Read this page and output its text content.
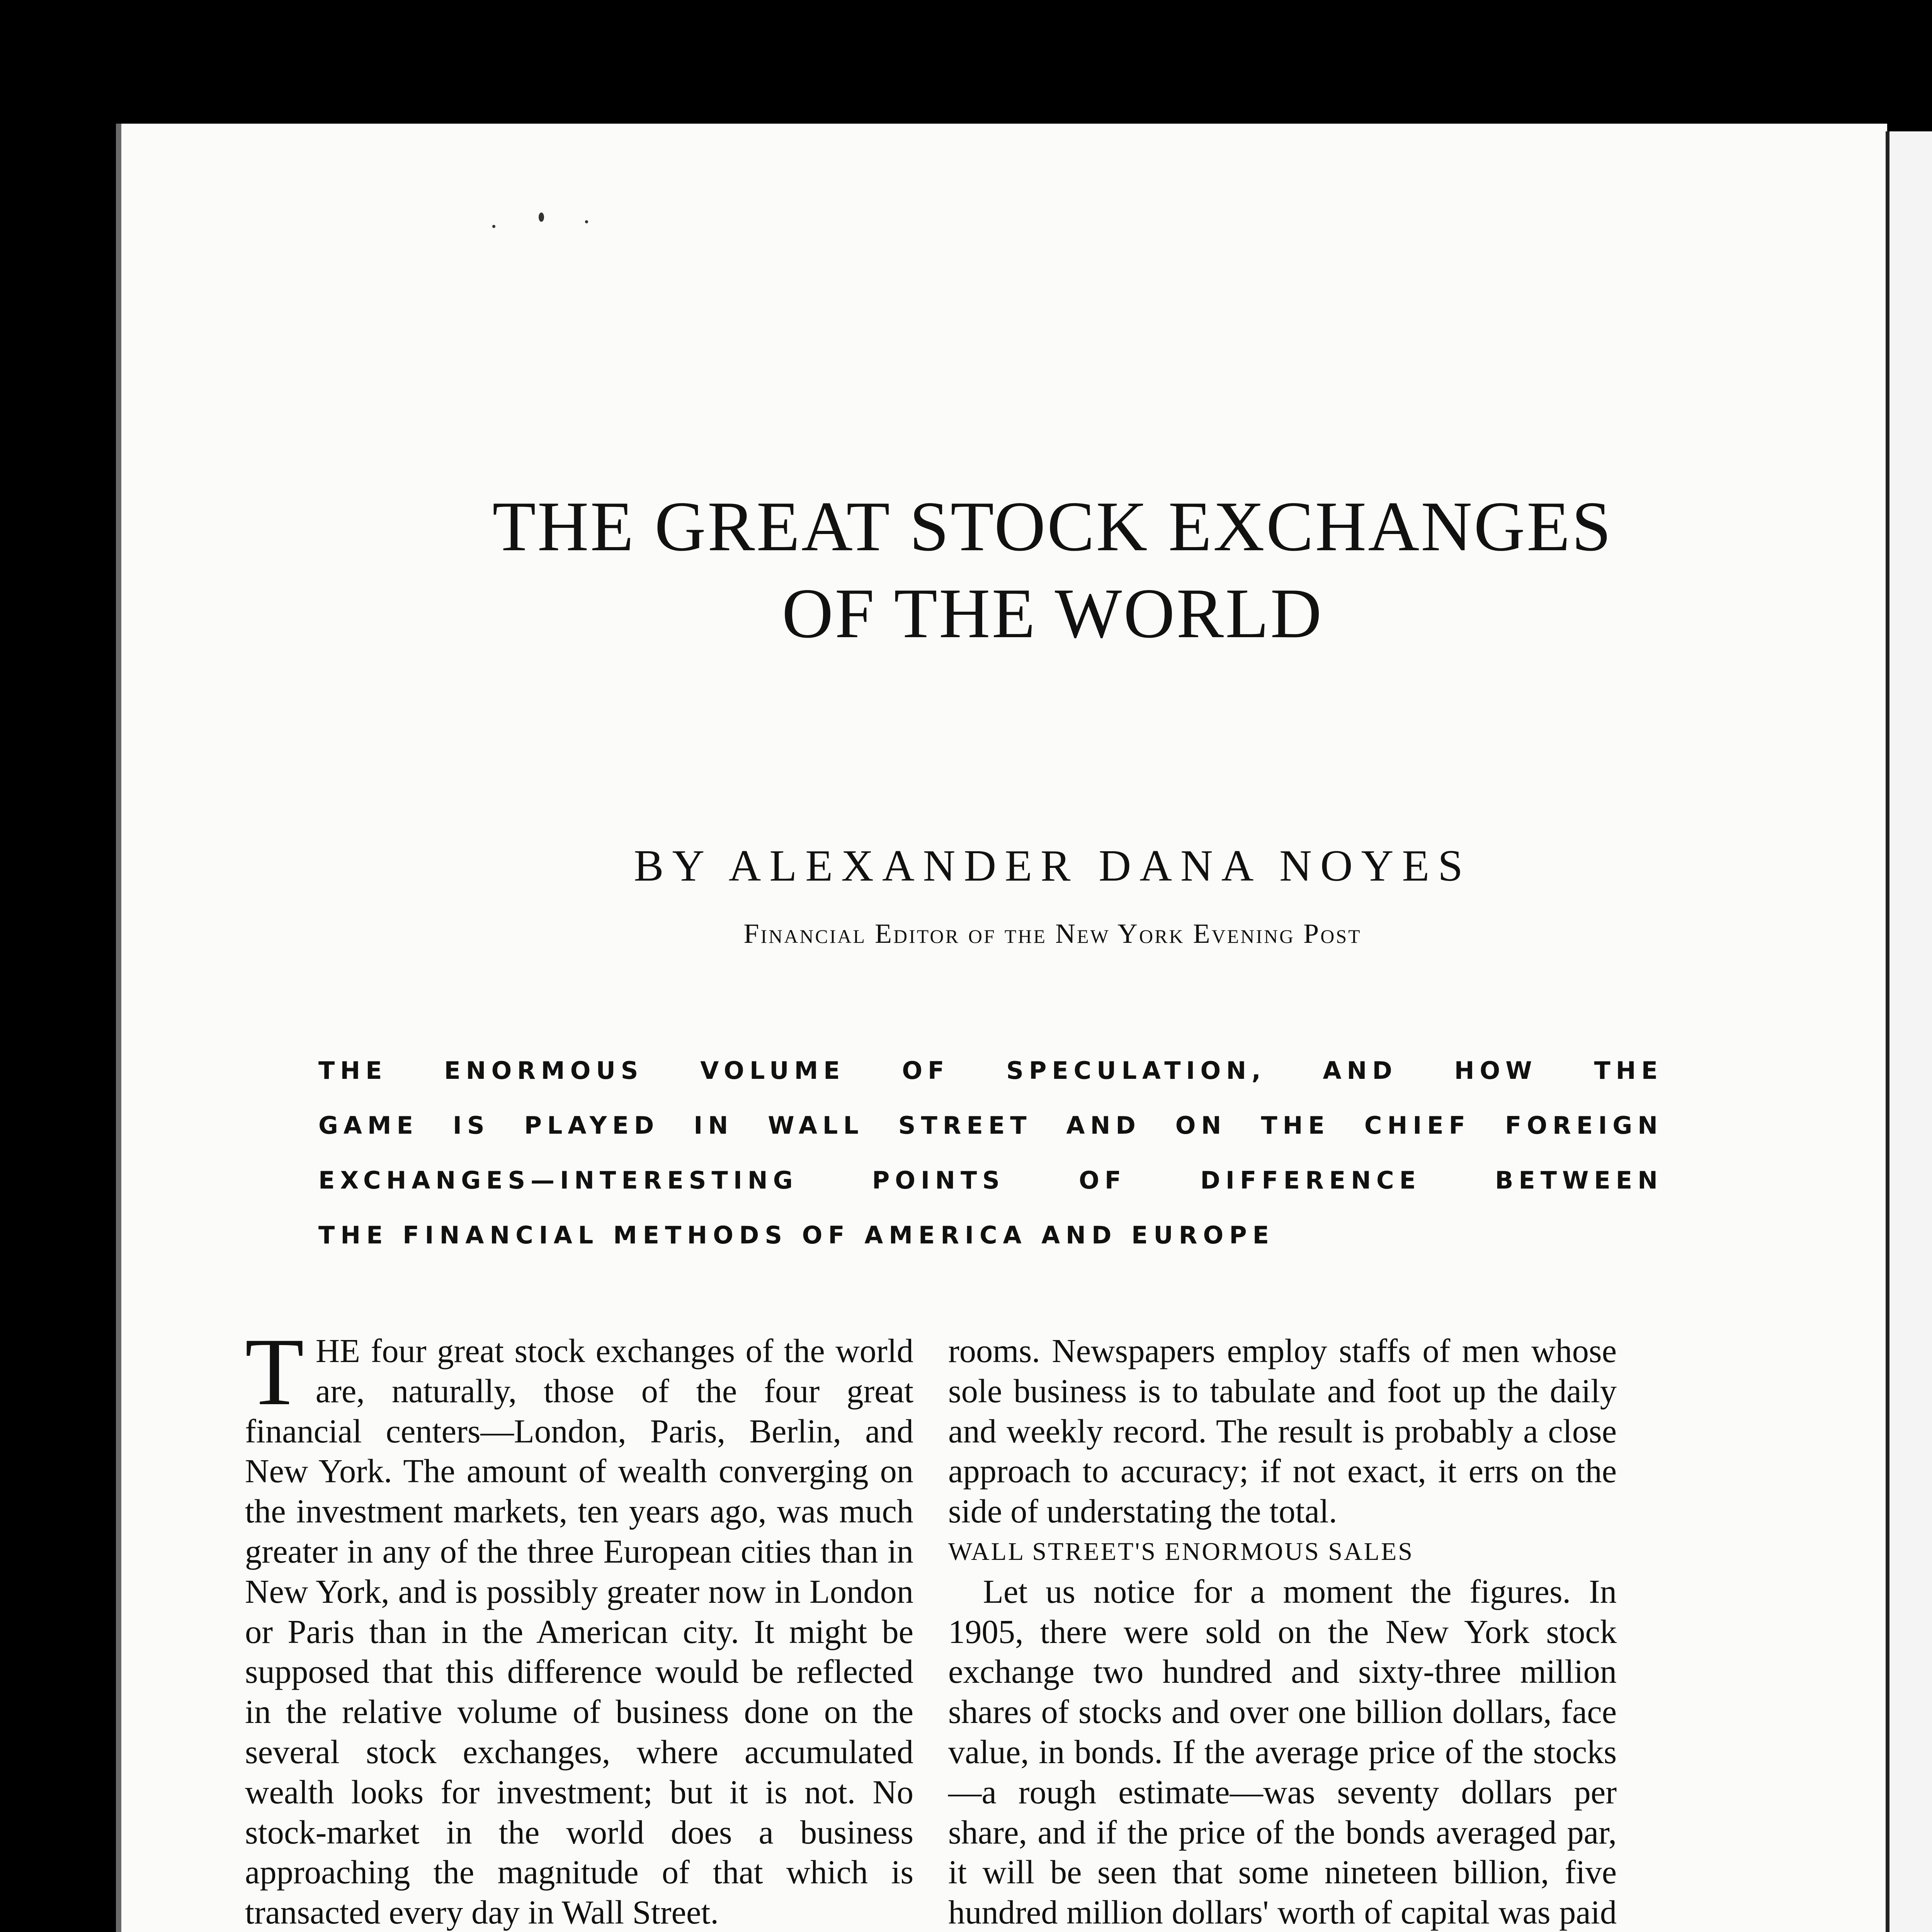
THE GREAT STOCK EXCHANGES
OF THE WORLD
BY ALEXANDER DANA NOYES
Financial Editor of the New York Evening Post
THE ENORMOUS VOLUME OF SPECULATION, AND HOW THE
GAME IS PLAYED IN WALL STREET AND ON THE CHIEF FOREIGN
EXCHANGES—INTERESTING POINTS OF DIFFERENCE BETWEEN
THE FINANCIAL METHODS OF AMERICA AND EUROPE

THE four great stock exchanges of the world are, naturally, those of the four great financial centers—London, Paris, Berlin, and New York. The amount of wealth converging on the investment markets, ten years ago, was much greater in any of the three European cities than in New York, and is possibly greater now in London or Paris than in the American city. It might be supposed that this difference would be reflected in the relative volume of business done on the several stock exchanges, where accumulated wealth looks for investment; but it is not. No stock-market in the world does a business approaching the magnitude of that which is transacted every day in Wall Street.

rooms. Newspapers employ staffs of men whose sole business is to tabulate and foot up the daily and weekly record. The result is probably a close approach to accuracy; if not exact, it errs on the side of understating the total.

WALL STREET'S ENORMOUS SALES

Let us notice for a moment the figures. In 1905, there were sold on the New York stock exchange two hundred and sixty-three million shares of stocks and over one billion dollars, face value, in bonds. If the average price of the stocks—a rough estimate—was seventy dollars per share, and if the price of the bonds averaged par, it will be seen that some nineteen billion, five hundred million dollars' worth of capital was paid
